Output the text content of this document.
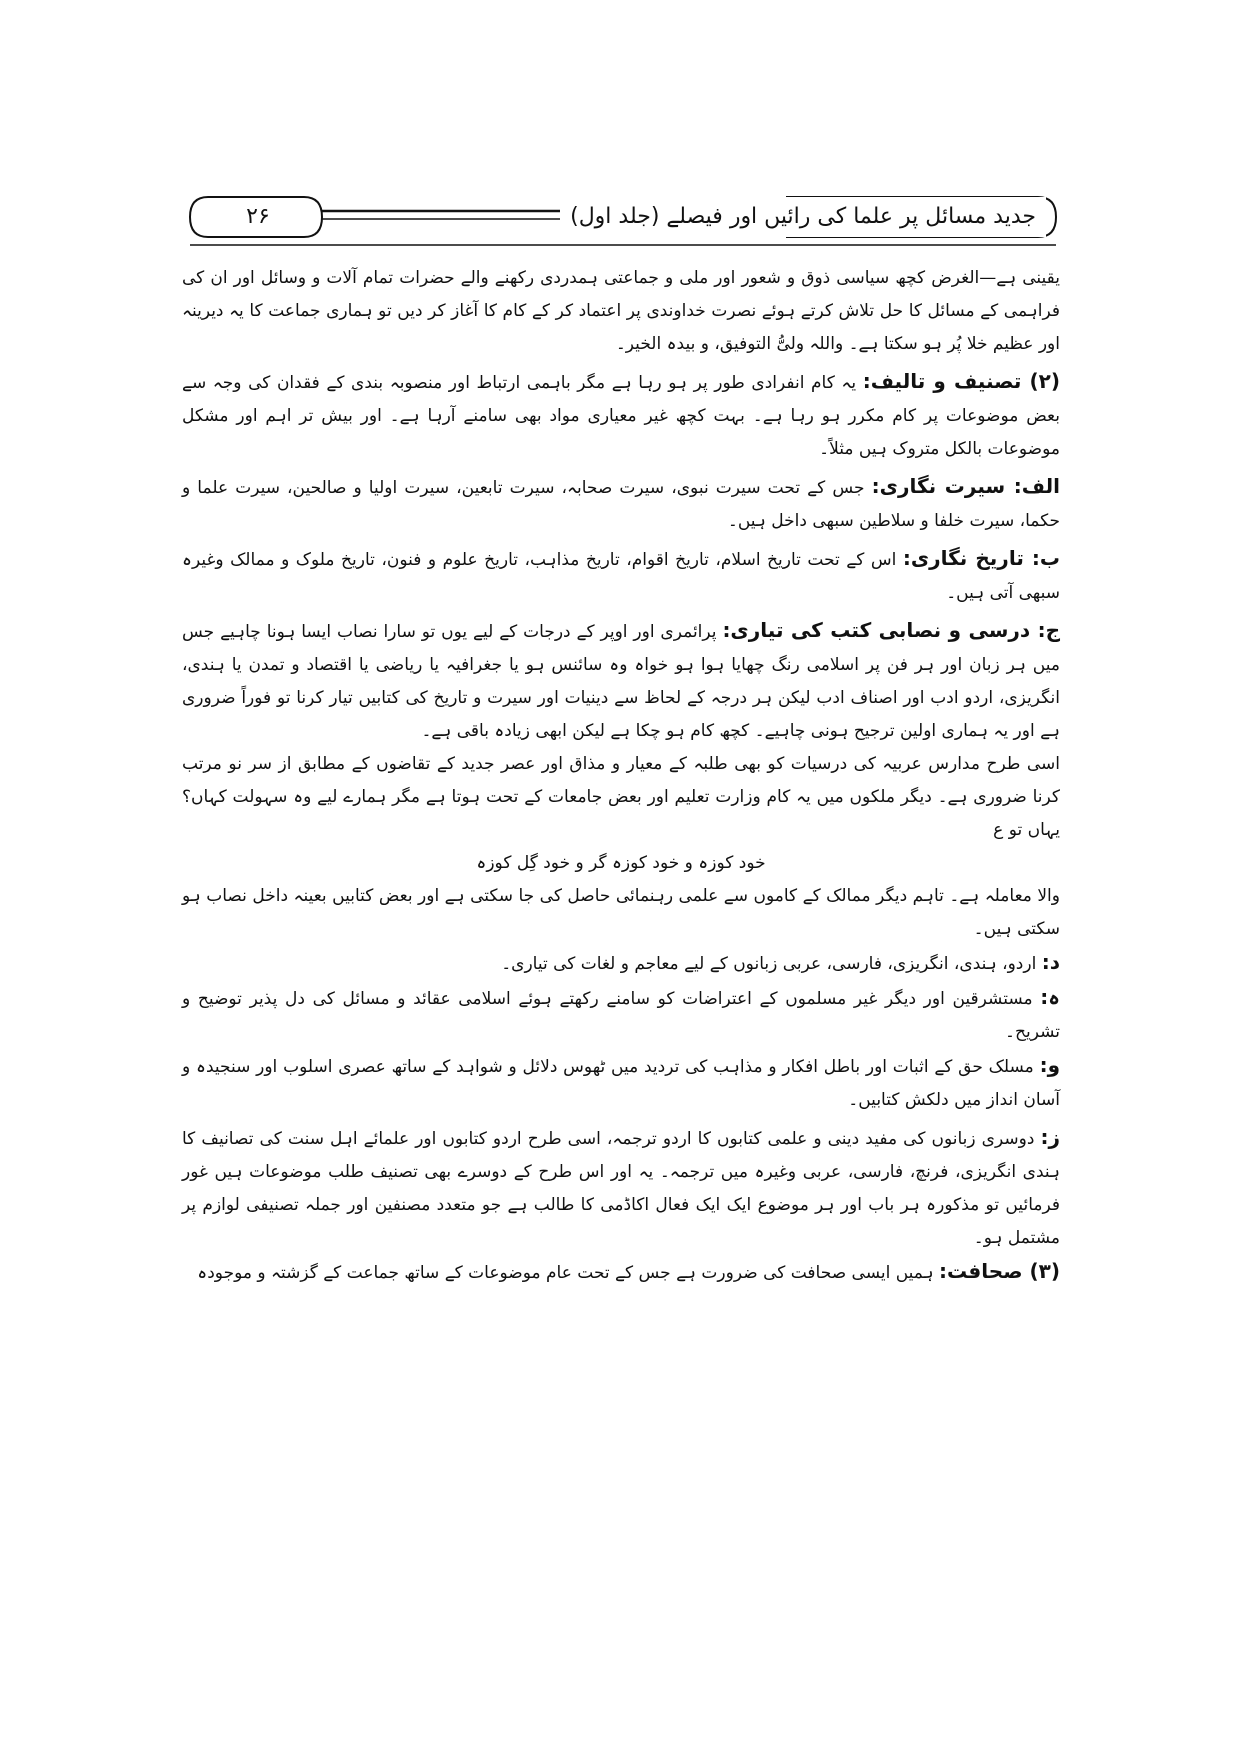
۲۶	جدید مسائل پر علما کی رائیں اور فیصلے (جلد اول)

یقینی ہے—الغرض کچھ سیاسی ذوق و شعور اور ملی و جماعتی ہمدردی رکھنے والے حضرات تمام آلات و وسائل اور ان کی فراہمی کے مسائل کا حل تلاش کرتے ہوئے نصرت خداوندی پر اعتماد کر کے کام کا آغاز کر دیں تو ہماری جماعت کا یہ دیرینہ اور عظیم خلا پُر ہو سکتا ہے۔ واللہ ولیُّ التوفیق، و بیدہ الخیر۔

(۲) تصنیف و تالیف: یہ کام انفرادی طور پر ہو رہا ہے مگر باہمی ارتباط اور منصوبہ بندی کے فقدان کی وجہ سے بعض موضوعات پر کام مکرر ہو رہا ہے۔ بہت کچھ غیر معیاری مواد بھی سامنے آرہا ہے۔ اور بیش تر اہم اور مشکل موضوعات بالکل متروک ہیں مثلاً۔

الف: سیرت نگاری: جس کے تحت سیرت نبوی، سیرت صحابہ، سیرت تابعین، سیرت اولیا و صالحین، سیرت علما و حکما، سیرت خلفا و سلاطین سبھی داخل ہیں۔

ب: تاریخ نگاری: اس کے تحت تاریخ اسلام، تاریخ اقوام، تاریخ مذاہب، تاریخ علوم و فنون، تاریخ ملوک و ممالک وغیرہ سبھی آتی ہیں۔

ج: درسی و نصابی کتب کی تیاری: پرائمری اور اوپر کے درجات کے لیے یوں تو سارا نصاب ایسا ہونا چاہیے جس میں ہر زبان اور ہر فن پر اسلامی رنگ چھایا ہوا ہو خواہ وہ سائنس ہو یا جغرافیہ یا ریاضی یا اقتصاد و تمدن یا ہندی، انگریزی، اردو ادب اور اصناف ادب لیکن ہر درجہ کے لحاظ سے دینیات اور سیرت و تاریخ کی کتابیں تیار کرنا تو فوراً ضروری ہے اور یہ ہماری اولین ترجیح ہونی چاہیے۔ کچھ کام ہو چکا ہے لیکن ابھی زیادہ باقی ہے۔

اسی طرح مدارس عربیہ کی درسیات کو بھی طلبہ کے معیار و مذاق اور عصر جدید کے تقاضوں کے مطابق از سر نو مرتب کرنا ضروری ہے۔ دیگر ملکوں میں یہ کام وزارت تعلیم اور بعض جامعات کے تحت ہوتا ہے مگر ہمارے لیے وہ سہولت کہاں؟ یہاں تو ع

خود کوزہ و خود کوزہ گر و خود گِل کوزہ

والا معاملہ ہے۔ تاہم دیگر ممالک کے کاموں سے علمی رہنمائی حاصل کی جا سکتی ہے اور بعض کتابیں بعینہ داخل نصاب ہو سکتی ہیں۔

د: اردو، ہندی، انگریزی، فارسی، عربی زبانوں کے لیے معاجم و لغات کی تیاری۔

ہ: مستشرقین اور دیگر غیر مسلموں کے اعتراضات کو سامنے رکھتے ہوئے اسلامی عقائد و مسائل کی دل پذیر توضیح و تشریح۔

و: مسلک حق کے اثبات اور باطل افکار و مذاہب کی تردید میں ٹھوس دلائل و شواہد کے ساتھ عصری اسلوب اور سنجیدہ و آسان انداز میں دلکش کتابیں۔

ز: دوسری زبانوں کی مفید دینی و علمی کتابوں کا اردو ترجمہ، اسی طرح اردو کتابوں اور علمائے اہل سنت کی تصانیف کا ہندی انگریزی، فرنچ، فارسی، عربی وغیرہ میں ترجمہ۔ یہ اور اس طرح کے دوسرے بھی تصنیف طلب موضوعات ہیں غور فرمائیں تو مذکورہ ہر باب اور ہر موضوع ایک ایک فعال اکاڈمی کا طالب ہے جو متعدد مصنفین اور جملہ تصنیفی لوازم پر مشتمل ہو۔

(۳) صحافت: ہمیں ایسی صحافت کی ضرورت ہے جس کے تحت عام موضوعات کے ساتھ جماعت کے گزشتہ و موجودہ
